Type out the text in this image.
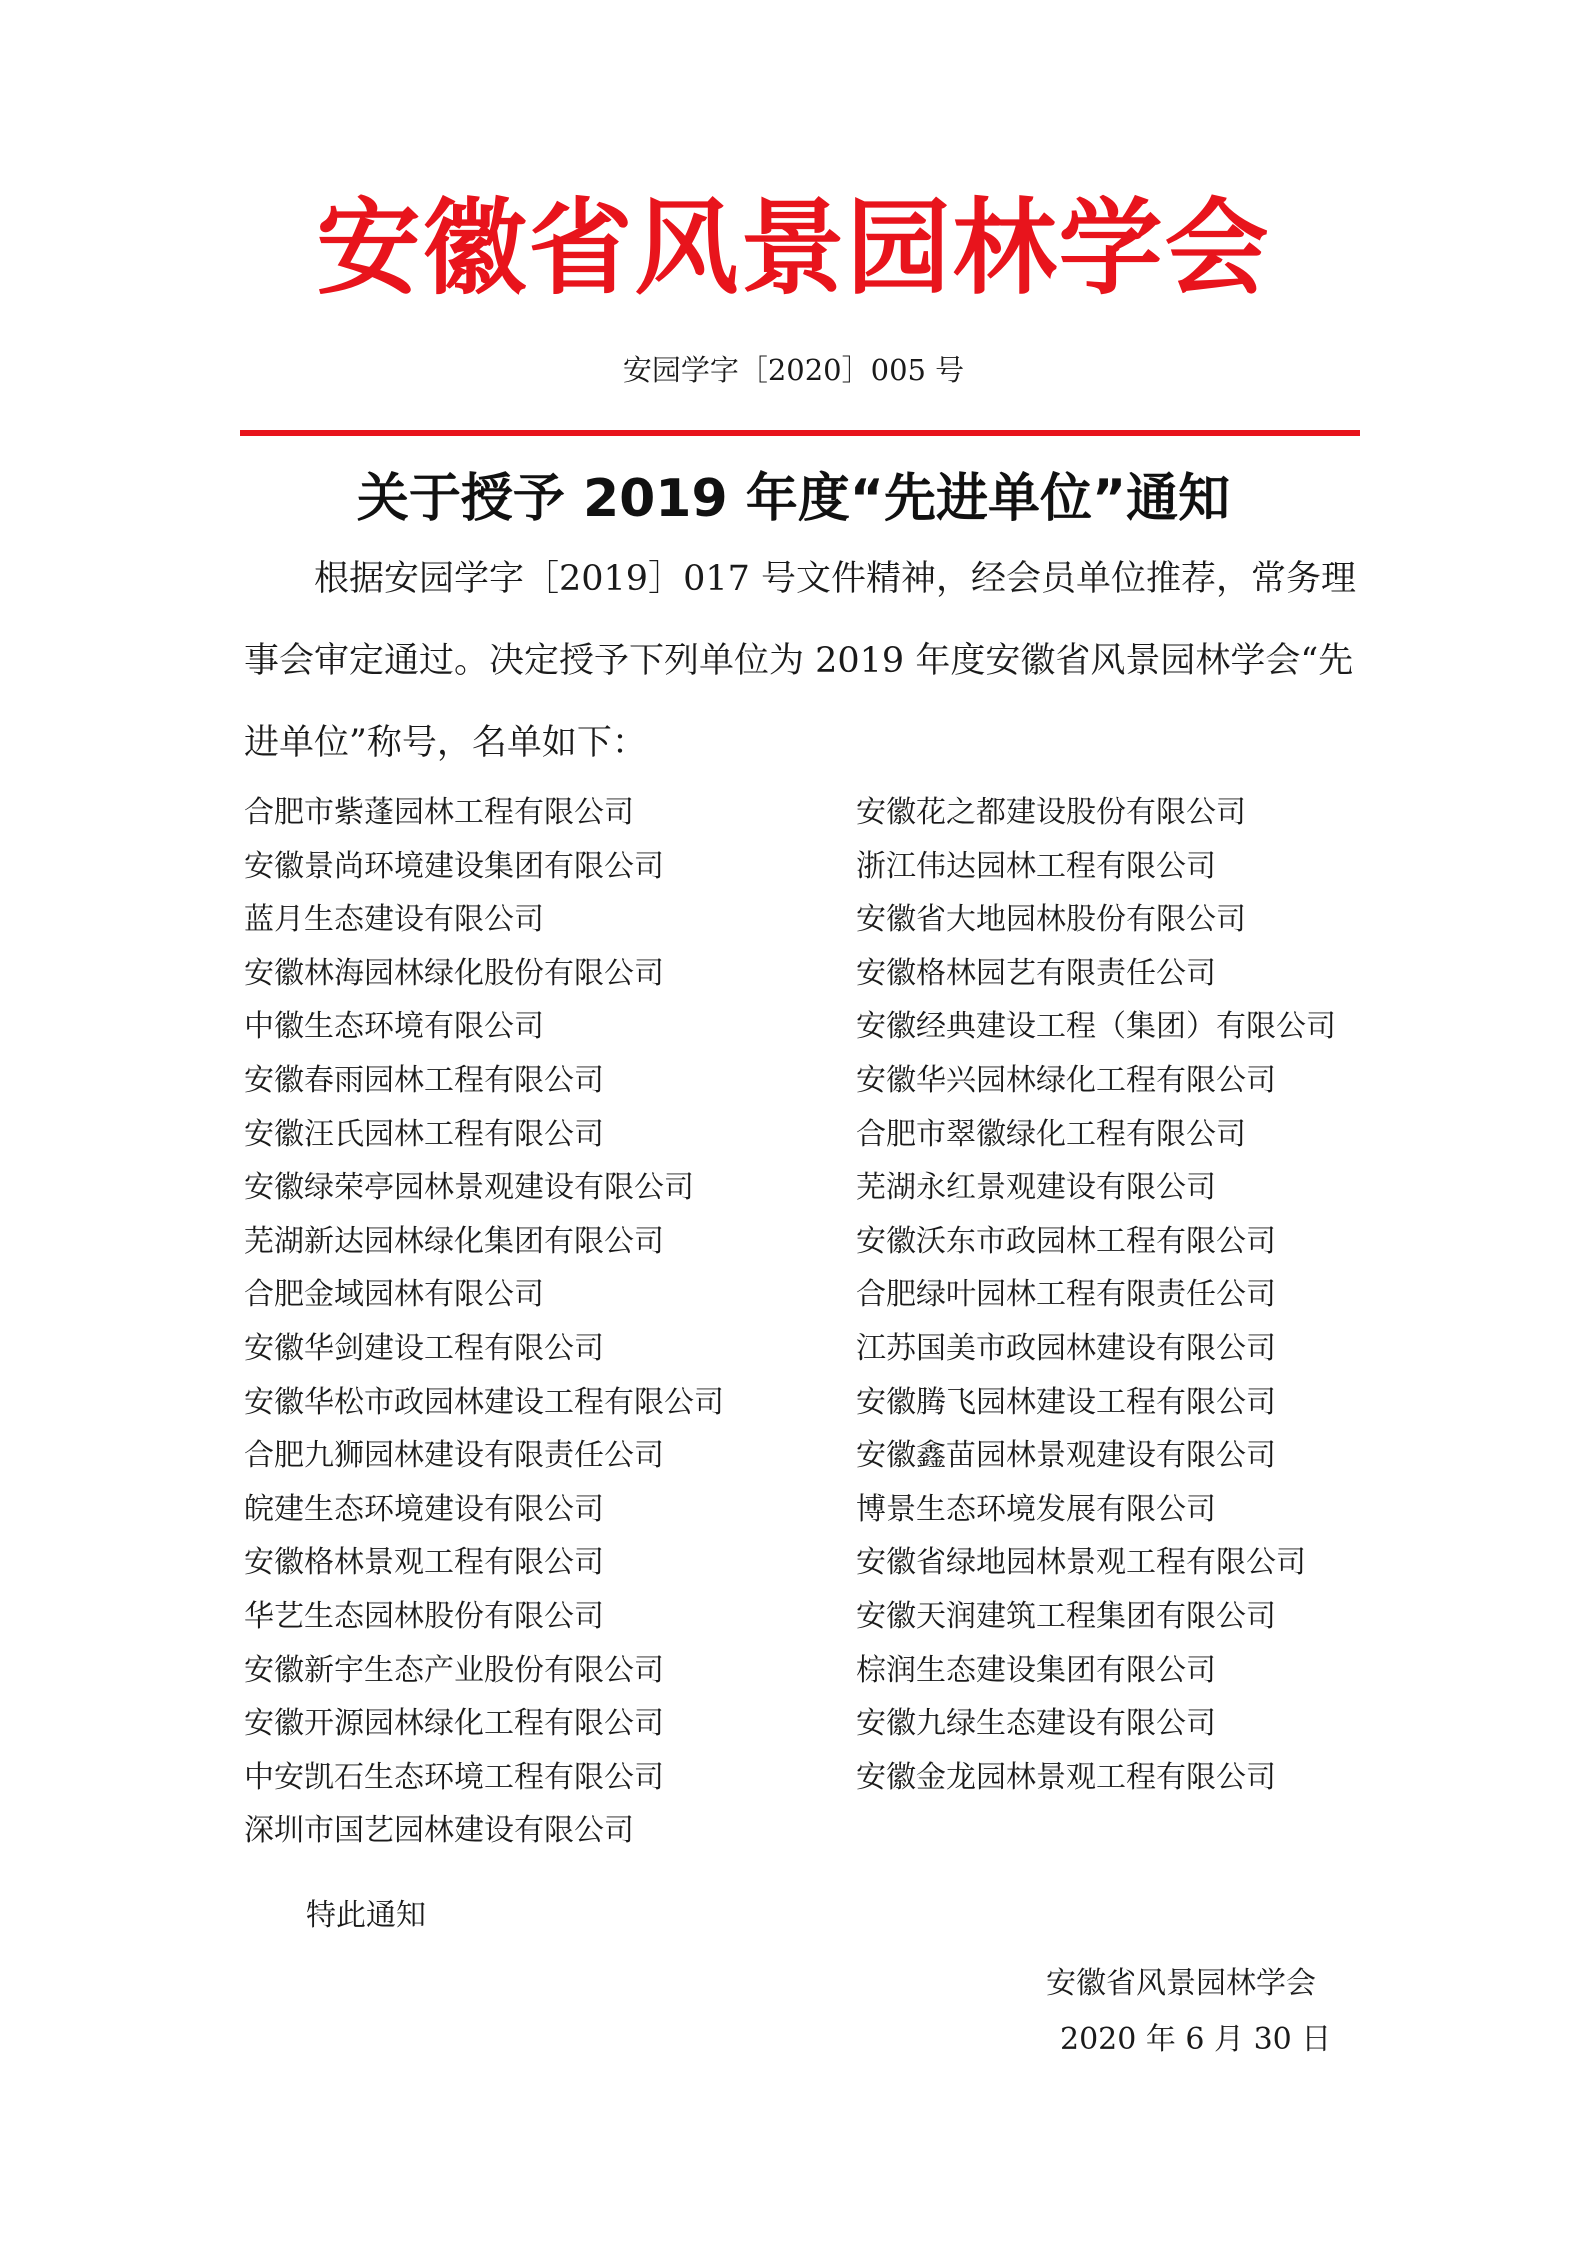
安徽省风景园林学会
安园学字［2020］005 号
关于授予 2019 年度“先进单位”通知

根据安园学字［2019］017 号文件精神，经会员单位推荐，常务理事会审定通过。决定授予下列单位为 2019 年度安徽省风景园林学会“先进单位”称号，名单如下：

合肥市紫蓬园林工程有限公司
安徽景尚环境建设集团有限公司
蓝月生态建设有限公司
安徽林海园林绿化股份有限公司
中徽生态环境有限公司
安徽春雨园林工程有限公司
安徽汪氏园林工程有限公司
安徽绿荣亭园林景观建设有限公司
芜湖新达园林绿化集团有限公司
合肥金域园林有限公司
安徽华剑建设工程有限公司
安徽华松市政园林建设工程有限公司
合肥九狮园林建设有限责任公司
皖建生态环境建设有限公司
安徽格林景观工程有限公司
华艺生态园林股份有限公司
安徽新宇生态产业股份有限公司
安徽开源园林绿化工程有限公司
中安凯石生态环境工程有限公司
深圳市国艺园林建设有限公司
安徽花之都建设股份有限公司
浙江伟达园林工程有限公司
安徽省大地园林股份有限公司
安徽格林园艺有限责任公司
安徽经典建设工程（集团）有限公司
安徽华兴园林绿化工程有限公司
合肥市翠徽绿化工程有限公司
芜湖永红景观建设有限公司
安徽沃东市政园林工程有限公司
合肥绿叶园林工程有限责任公司
江苏国美市政园林建设有限公司
安徽腾飞园林建设工程有限公司
安徽鑫苗园林景观建设有限公司
博景生态环境发展有限公司
安徽省绿地园林景观工程有限公司
安徽天润建筑工程集团有限公司
棕润生态建设集团有限公司
安徽九绿生态建设有限公司
安徽金龙园林景观工程有限公司
特此通知
安徽省风景园林学会
2020 年 6 月 30 日
